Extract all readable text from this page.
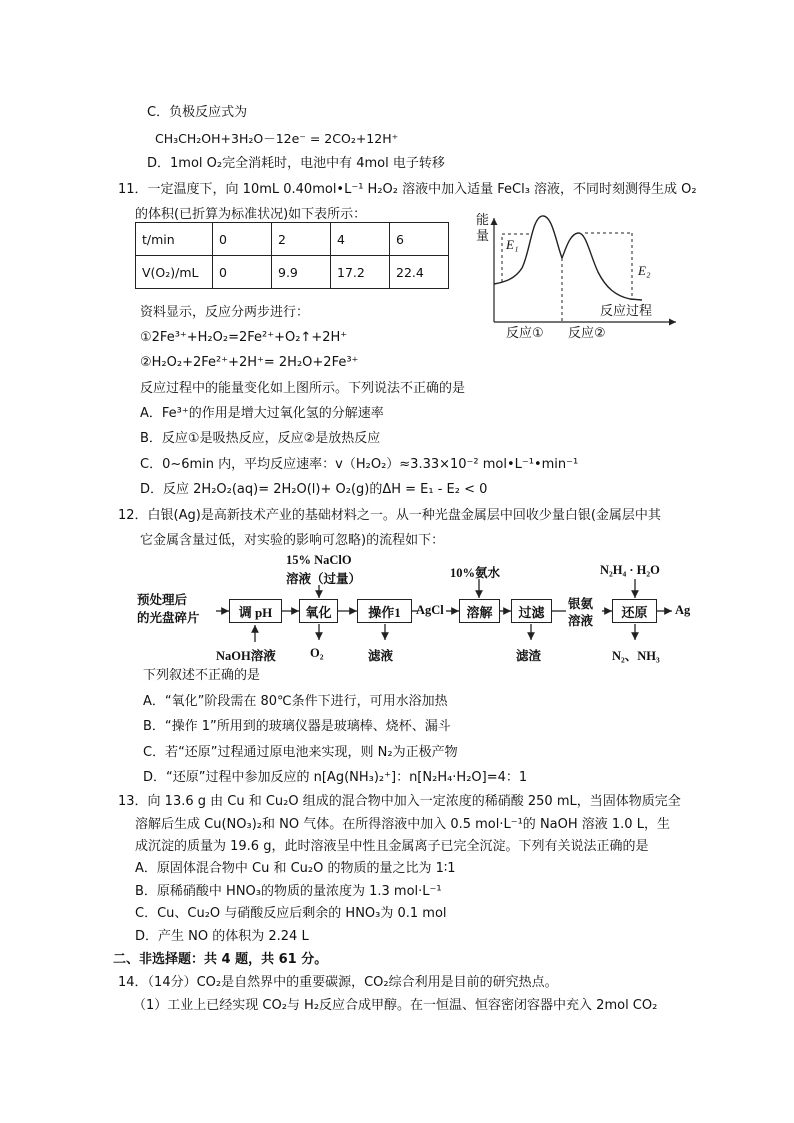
C．负极反应式为
CH₃CH₂OH+3H₂O－12e⁻ = 2CO₂+12H⁺
D．1mol O₂完全消耗时，电池中有 4mol 电子转移
11．一定温度下，向 10mL 0.40mol•L⁻¹ H₂O₂ 溶液中加入适量 FeCl₃ 溶液，不同时刻测得生成 O₂
的体积(已折算为标准状况)如下表所示：
t/min	0	2	4	6
V(O₂)/mL	0	9.9	17.2	22.4
能
量
E₁
E₂
反应过程
反应① 反应②
资料显示，反应分两步进行：
①2Fe³⁺+H₂O₂=2Fe²⁺+O₂↑+2H⁺
②H₂O₂+2Fe²⁺+2H⁺= 2H₂O+2Fe³⁺
反应过程中的能量变化如上图所示。下列说法不正确的是
A．Fe³⁺的作用是增大过氧化氢的分解速率
B．反应①是吸热反应，反应②是放热反应
C．0~6min 内，平均反应速率：v（H₂O₂）≈3.33×10⁻² mol•L⁻¹•min⁻¹
D．反应 2H₂O₂(aq)= 2H₂O(l)+ O₂(g)的ΔH = E₁ - E₂ < 0
12．白银(Ag)是高新技术产业的基础材料之一。从一种光盘金属层中回收少量白银(金属层中其
它金属含量过低，对实验的影响可忽略)的流程如下：
预处理后
的光盘碎片	调 pH	氧化	操作1	AgCl	溶解	过滤
银氨
溶液
还原	Ag
15% NaClO
溶液（过量）	10%氨水	N₂H₄ · H₂O
NaOH溶液	O₂	滤液	滤渣	N₂、NH₃
下列叙述不正确的是
A．“氧化”阶段需在 80℃条件下进行，可用水浴加热
B．“操作 1”所用到的玻璃仪器是玻璃棒、烧杯、漏斗
C．若“还原”过程通过原电池来实现，则 N₂为正极产物
D．“还原”过程中参加反应的 n[Ag(NH₃)₂⁺]：n[N₂H₄·H₂O]=4：1
13．向 13.6 g 由 Cu 和 Cu₂O 组成的混合物中加入一定浓度的稀硝酸 250 mL，当固体物质完全
溶解后生成 Cu(NO₃)₂和 NO 气体。在所得溶液中加入 0.5 mol·L⁻¹的 NaOH 溶液 1.0 L，生
成沉淀的质量为 19.6 g，此时溶液呈中性且金属离子已完全沉淀。下列有关说法正确的是
A．原固体混合物中 Cu 和 Cu₂O 的物质的量之比为 1∶1
B．原稀硝酸中 HNO₃的物质的量浓度为 1.3 mol·L⁻¹
C．Cu、Cu₂O 与硝酸反应后剩余的 HNO₃为 0.1 mol
D．产生 NO 的体积为 2.24 L
二、非选择题：共 4 题，共 61 分。
14．（14分）CO₂是自然界中的重要碳源，CO₂综合利用是目前的研究热点。
（1）工业上已经实现 CO₂与 H₂反应合成甲醇。在一恒温、恒容密闭容器中充入 2mol CO₂
